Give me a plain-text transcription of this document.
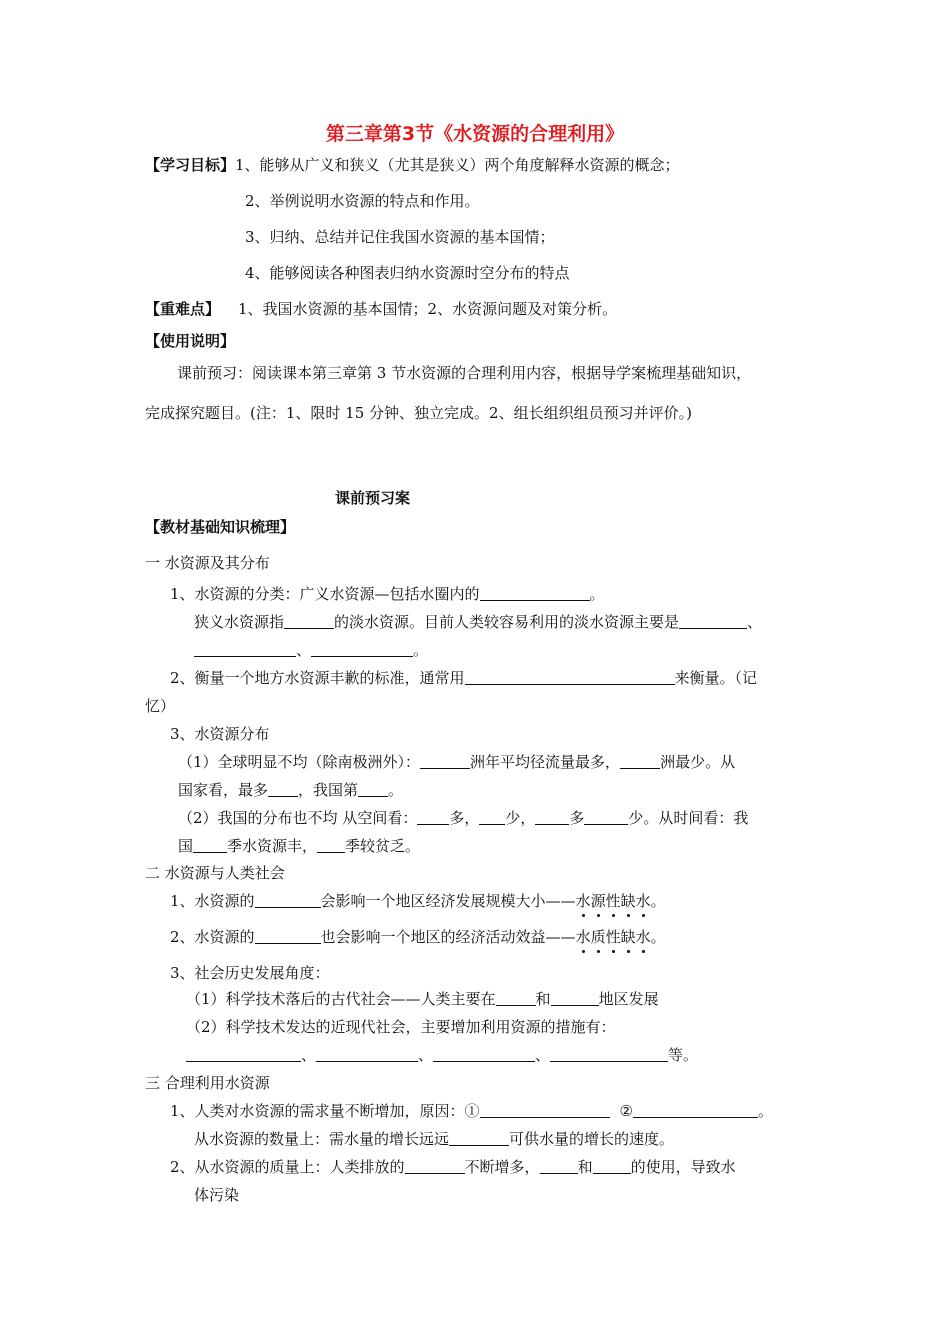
第三章第3节《水资源的合理利用》
【学习目标】1、能够从广义和狭义（尤其是狭义）两个角度解释水资源的概念；
2、举例说明水资源的特点和作用。
3、归纳、总结并记住我国水资源的基本国情；
4、能够阅读各种图表归纳水资源时空分布的特点
【重难点】 1、我国水资源的基本国情；2、水资源问题及对策分析。
【使用说明】
课前预习：阅读课本第三章第 3 节水资源的合理利用内容，根据导学案梳理基础知识，
完成探究题目。(注：1、限时 15 分钟、独立完成。2、组长组织组员预习并评价。)
课前预习案
【教材基础知识梳理】
一 水资源及其分布
1、水资源的分类：广义水资源—包括水圈内的	。
狭义水资源指	的淡水资源。目前人类较容易利用的淡水资源主要是	、
、	。
2、衡量一个地方水资源丰歉的标准，通常用	来衡量。（记
忆）
3、水资源分布
（1）全球明显不均（除南极洲外）：	洲年平均径流量最多，	洲最少。从
国家看，最多 ，我国第 。
（2）我国的分布也不均 从空间看： 多， 少， 多	少。从时间看：我
国 季水资源丰， 季较贫乏。
二 水资源与人类社会
1、水资源的	会影响一个地区经济发展规模大小——水源性缺水。
2、水资源的	也会影响一个地区的经济活动效益——水质性缺水。
3、社会历史发展角度：
（1）科学技术落后的古代社会——人类主要在	和	地区发展
（2）科学技术发达的近现代社会，主要增加利用资源的措施有：
、	、	、	等。
三 合理利用水资源
1、人类对水资源的需求量不断增加，原因：①	②	。
从水资源的数量上：需水量的增长远远	可供水量的增长的速度。
2、从水资源的质量上：人类排放的	不断增多，	和	的使用，导致水
体污染
